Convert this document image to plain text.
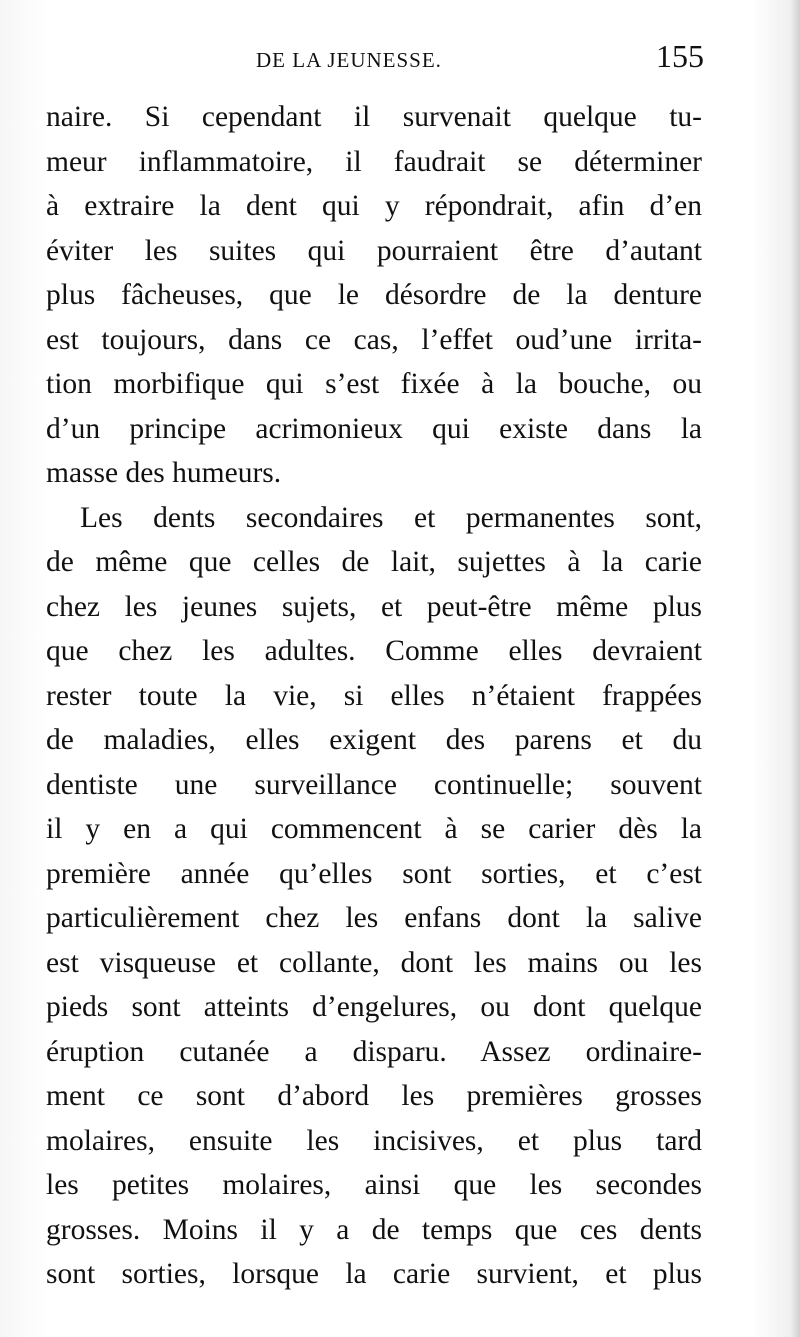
DE LA JEUNESSE.	155
naire. Si cependant il survenait quelque tu-
meur inflammatoire, il faudrait se déterminer
à extraire la dent qui y répondrait, afin d’en
éviter les suites qui pourraient être d’autant
plus fâcheuses, que le désordre de la denture
est toujours, dans ce cas, l’effet oud’une irrita-
tion morbifique qui s’est fixée à la bouche, ou
d’un principe acrimonieux qui existe dans la
masse des humeurs.
Les dents secondaires et permanentes sont,
de même que celles de lait, sujettes à la carie
chez les jeunes sujets, et peut-être même plus
que chez les adultes. Comme elles devraient
rester toute la vie, si elles n’étaient frappées
de maladies, elles exigent des parens et du
dentiste une surveillance continuelle; souvent
il y en a qui commencent à se carier dès la
première année qu’elles sont sorties, et c’est
particulièrement chez les enfans dont la salive
est visqueuse et collante, dont les mains ou les
pieds sont atteints d’engelures, ou dont quelque
éruption cutanée a disparu. Assez ordinaire-
ment ce sont d’abord les premières grosses
molaires, ensuite les incisives, et plus tard
les petites molaires, ainsi que les secondes
grosses. Moins il y a de temps que ces dents
sont sorties, lorsque la carie survient, et plus
